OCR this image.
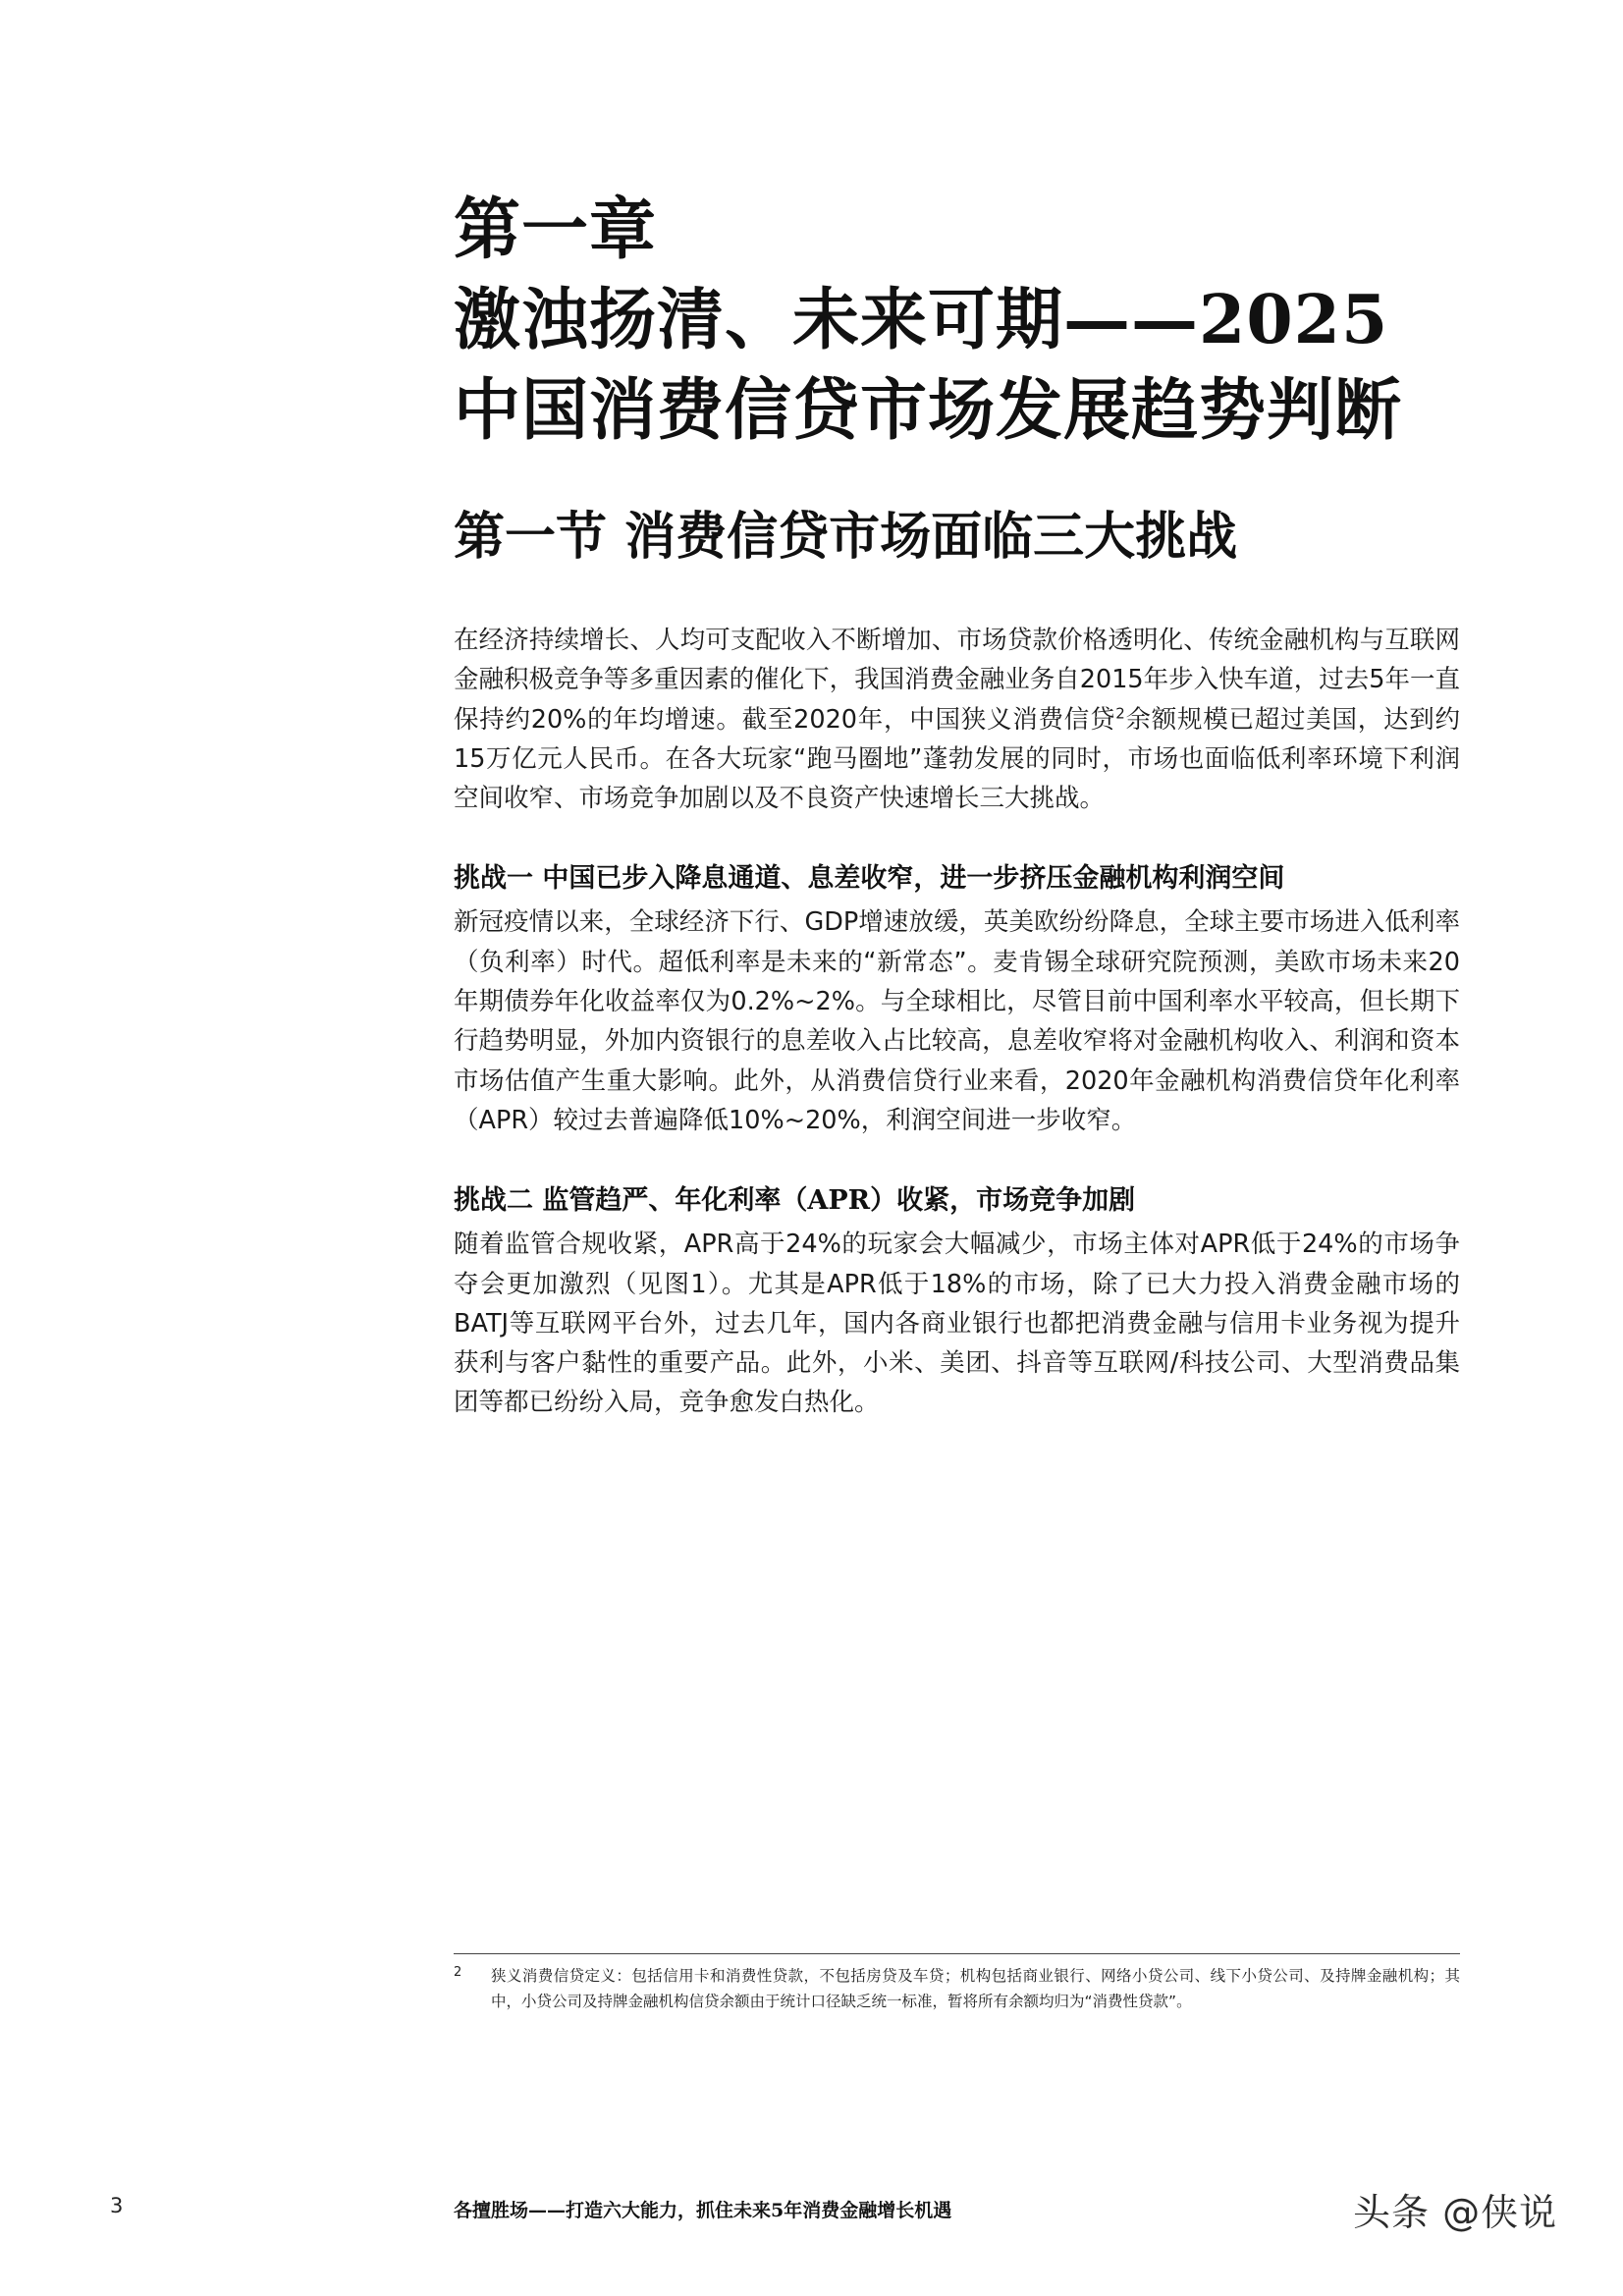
第一章
激浊扬清、未来可期——2025
中国消费信贷市场发展趋势判断
第一节 消费信贷市场面临三大挑战

在经济持续增长、人均可支配收入不断增加、市场贷款价格透明化、传统金融机构与互联网金融积极竞争等多重因素的催化下，我国消费金融业务自2015年步入快车道，过去5年一直保持约20%的年均增速。截至2020年，中国狭义消费信贷$^2$余额规模已超过美国，达到约15万亿元人民币。在各大玩家“跑马圈地”蓬勃发展的同时，市场也面临低利率环境下利润空间收窄、市场竞争加剧以及不良资产快速增长三大挑战。

挑战一 中国已步入降息通道、息差收窄，进一步挤压金融机构利润空间

新冠疫情以来，全球经济下行、GDP增速放缓，英美欧纷纷降息，全球主要市场进入低利率（负利率）时代。超低利率是未来的“新常态”。麦肯锡全球研究院预测，美欧市场未来20年期债券年化收益率仅为0.2%~2%。与全球相比，尽管目前中国利率水平较高，但长期下行趋势明显，外加内资银行的息差收入占比较高，息差收窄将对金融机构收入、利润和资本市场估值产生重大影响。此外，从消费信贷行业来看，2020年金融机构消费信贷年化利率（APR）较过去普遍降低10%~20%，利润空间进一步收窄。

挑战二 监管趋严、年化利率（APR）收紧，市场竞争加剧

随着监管合规收紧，APR高于24%的玩家会大幅减少，市场主体对APR低于24%的市场争夺会更加激烈（见图1）。尤其是APR低于18%的市场，除了已大力投入消费金融市场的BATJ等互联网平台外，过去几年，国内各商业银行也都把消费金融与信用卡业务视为提升获利与客户黏性的重要产品。此外，小米、美团、抖音等互联网/科技公司、大型消费品集团等都已纷纷入局，竞争愈发白热化。

2 狭义消费信贷定义：包括信用卡和消费性贷款，不包括房贷及车贷；机构包括商业银行、网络小贷公司、线下小贷公司、及持牌金融机构；其中，小贷公司及持牌金融机构信贷余额由于统计口径缺乏统一标准，暂将所有余额均归为“消费性贷款”。
3	各擅胜场——打造六大能力，抓住未来5年消费金融增长机遇	头条 @侠说
